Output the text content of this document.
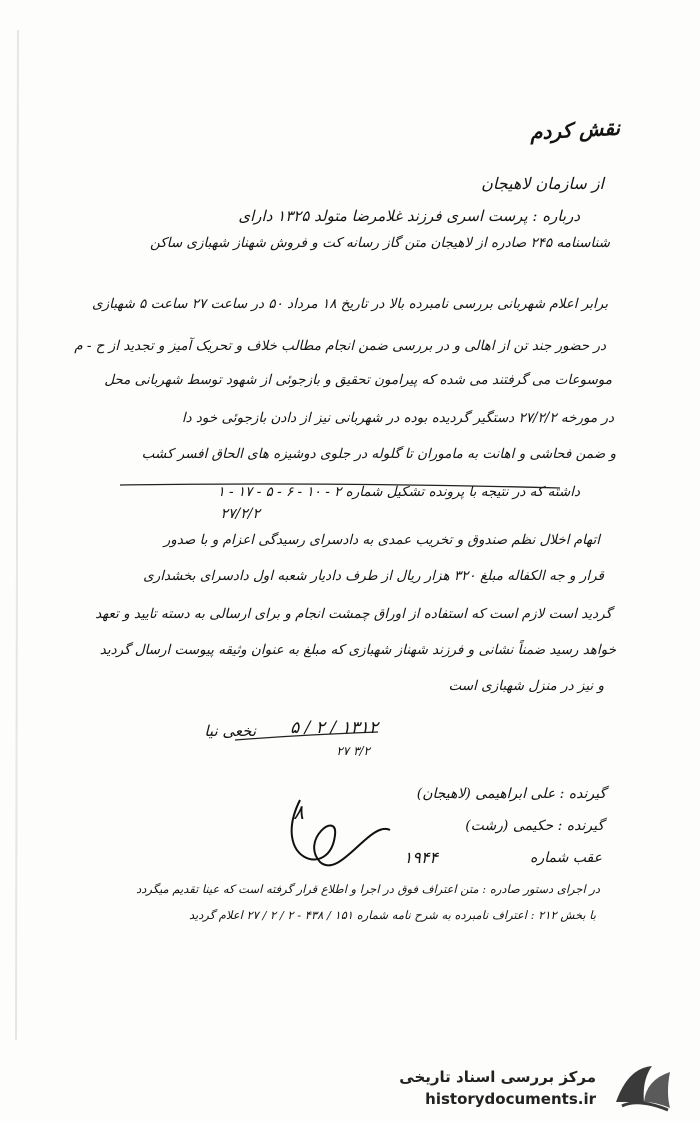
نقش کردم
از سازمان لاهیجان
درباره : پرست اسری فرزند غلامرضا متولد ۱۳۲۵ دارای
شناسنامه ۲۴۵ صادره از لاهیجان متن گاز رسانه کت و فروش شهناز شهبازی ساکن
برابر اعلام شهربانی بررسی نامبرده بالا در تاریخ ۱۸ مرداد ۵۰ در ساعت ۲۷ ساعت ۵ شهبازی
در حضور جند تن از اهالی و در بررسی ضمن انجام مطالب خلاف و تحریک آمیز و تجدید از ح - م
موسوعات می گرفتند می شده که پیرامون تحقیق و بازجوئی از شهود توسط شهربانی محل
در مورخه ۲۷/۲/۲ دستگیر گردیده بوده در شهربانی نیز از دادن بازجوئی خود دا
و ضمن فحاشی و اهانت به ماموران تا گلوله در جلوی دوشیزه های الحاق افسر کشب
داشته که در نتیجه با پرونده تشکیل شماره ۲ - ۱۰ - ۶ - ۵ - ۱۷ - ۱
۲۷/۲/۲
اتهام اخلال نظم صندوق و تخریب عمدی به دادسرای رسیدگی اعزام و با صدور
قرار و جه الکفاله مبلغ ۳۲۰ هزار ریال از طرف دادیار شعبه اول دادسرای بخشداری
گردید است لازم است که استفاده از اوراق چمشت انجام و برای ارسالی به دسته تایید و تعهد
خواهد رسید ضمناً نشانی و فرزند شهناز شهبازی که مبلغ به عنوان وثیقه پیوست ارسال گردید
و نیز در منزل شهبازی است
۱۳۱۲ / ۲ / ۵
نخعی نیا
۳/۲ ۲۷
۸
گیرنده : علی ابراهیمی (لاهیجان)
گیرنده : حکیمی (رشت)
عقب شماره
۱۹۴۴
در اجرای دستور صادره : متن اعتراف فوق در اجرا و اطلاع قرار گرفته است که عینا تقدیم میگردد
با بخش ۲۱۲ : اعتراف نامبرده به شرح نامه شماره ۱۵۱ / ۴۳۸ - ۲ / ۲ / ۲۷ اعلام گردید
مرکز بررسی اسناد تاریخی
historydocuments.ir
